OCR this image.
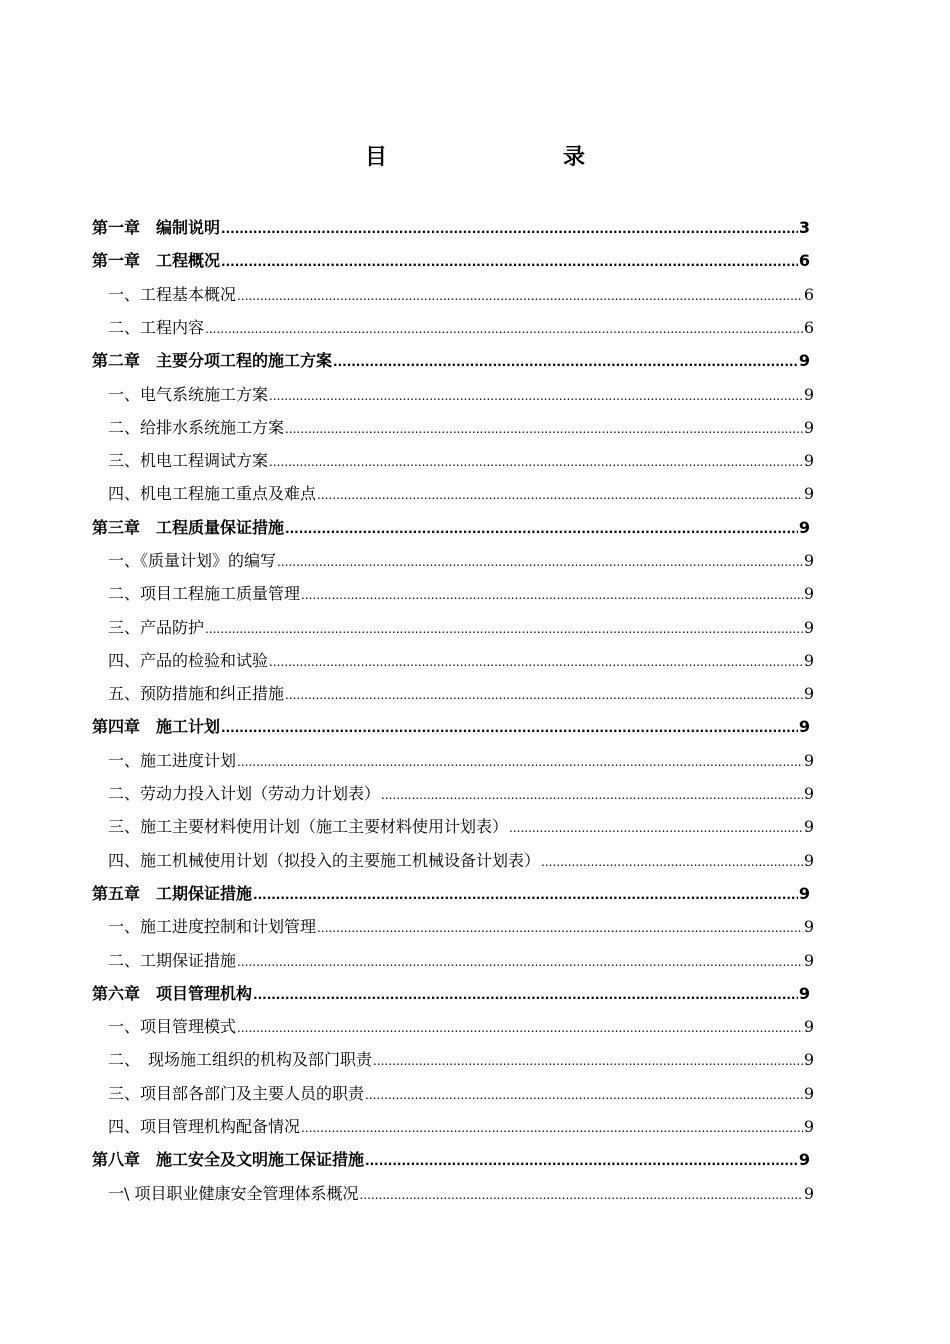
目　　录
第一章　编制说明 .....	3
第一章　工程概况 .....	6
一、工程基本概况 .....	6
二、工程内容 .....	6
第二章　主要分项工程的施工方案 .....	9
一、电气系统施工方案 .....	9
二、给排水系统施工方案 .....	9
三、机电工程调试方案 .....	9
四、机电工程施工重点及难点 .....	9
第三章　工程质量保证措施 .....	9
一、《质量计划》的编写 .....	9
二、项目工程施工质量管理 .....	9
三、产品防护 .....	9
四、产品的检验和试验 .....	9
五、预防措施和纠正措施 .....	9
第四章　施工计划 .....	9
一、施工进度计划 .....	9
二、劳动力投入计划（劳动力计划表） .....	9
三、施工主要材料使用计划（施工主要材料使用计划表） .....	9
四、施工机械使用计划（拟投入的主要施工机械设备计划表） .....	9
第五章　工期保证措施 .....	9
一、施工进度控制和计划管理 .....	9
二、工期保证措施 .....	9
第六章　项目管理机构 .....	9
一、项目管理模式 .....	9
二、　现场施工组织的机构及部门职责 .....	9
三、项目部各部门及主要人员的职责 .....	9
四、项目管理机构配备情况 .....	9
第八章　施工安全及文明施工保证措施 .....	9
一\ 项目职业健康安全管理体系概况 .....	9
